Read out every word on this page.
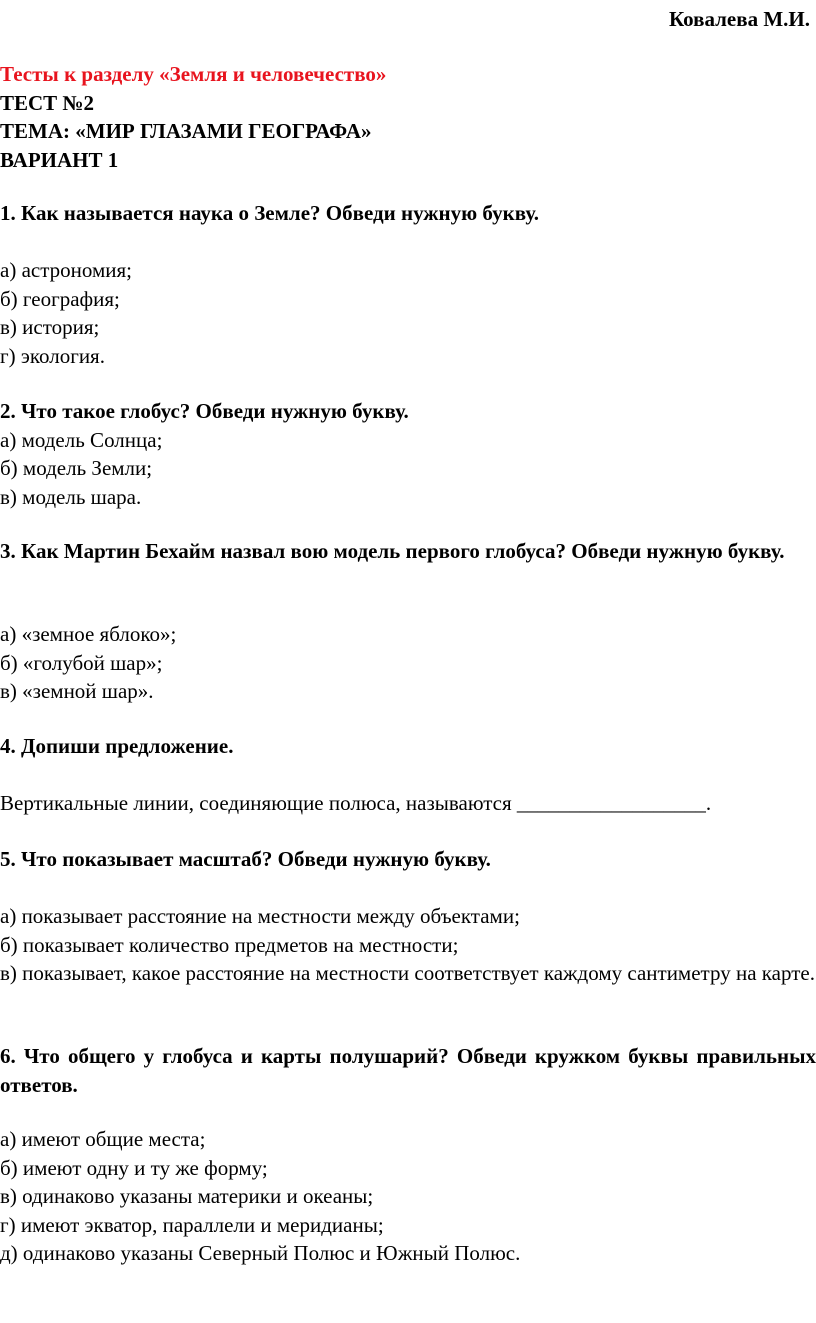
Ковалева М.И.
Тесты к разделу «Земля и человечество»
ТЕСТ №2
ТЕМА: «МИР ГЛАЗАМИ ГЕОГРАФА»
ВАРИАНТ 1
1. Как называется наука о Земле? Обведи нужную букву.
а) астрономия;
б) география;
в) история;
г) экология.
2. Что такое глобус? Обведи нужную букву.
а) модель Солнца;
б) модель Земли;
в) модель шара.
3. Как Мартин Бехайм назвал вою модель первого глобуса? Обведи нужную букву.
а) «земное яблоко»;
б) «голубой шар»;
в) «земной шар».
4. Допиши предложение.
Вертикальные линии, соединяющие полюса, называются __________________.
5. Что показывает масштаб? Обведи нужную букву.
а) показывает расстояние на местности между объектами;
б) показывает количество предметов на местности;
в) показывает, какое расстояние на местности соответствует каждому сантиметру на карте.
6. Что общего у глобуса и карты полушарий? Обведи кружком буквы правильных ответов.
а) имеют общие места;
б) имеют одну и ту же форму;
в) одинаково указаны материки и океаны;
г) имеют экватор, параллели и меридианы;
д) одинаково указаны Северный Полюс и Южный Полюс.
